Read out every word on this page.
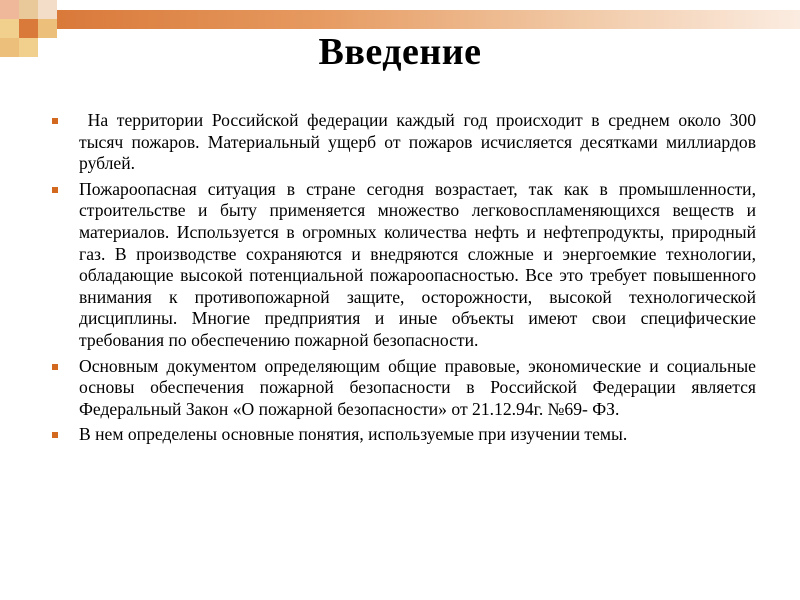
Введение
На территории Российской федерации каждый год происходит в среднем около 300 тысяч пожаров. Материальный ущерб от пожаров исчисляется десятками миллиардов рублей.
Пожароопасная ситуация в стране сегодня возрастает, так как в промышленности, строительстве и быту применяется множество легковоспламеняющихся веществ и материалов. Используется в огромных количества нефть и нефтепродукты, природный газ. В производстве сохраняются и внедряются сложные и энергоемкие технологии, обладающие высокой потенциальной пожароопасностью. Все это требует повышенного внимания к противопожарной защите, осторожности, высокой технологической дисциплины. Многие предприятия и иные объекты имеют свои специфические требования по обеспечению пожарной безопасности.
Основным документом определяющим общие правовые, экономические и социальные основы обеспечения пожарной безопасности в Российской Федерации является Федеральный Закон «О пожарной безопасности» от 21.12.94г. №69- ФЗ.
В нем определены основные понятия, используемые при изучении темы.
